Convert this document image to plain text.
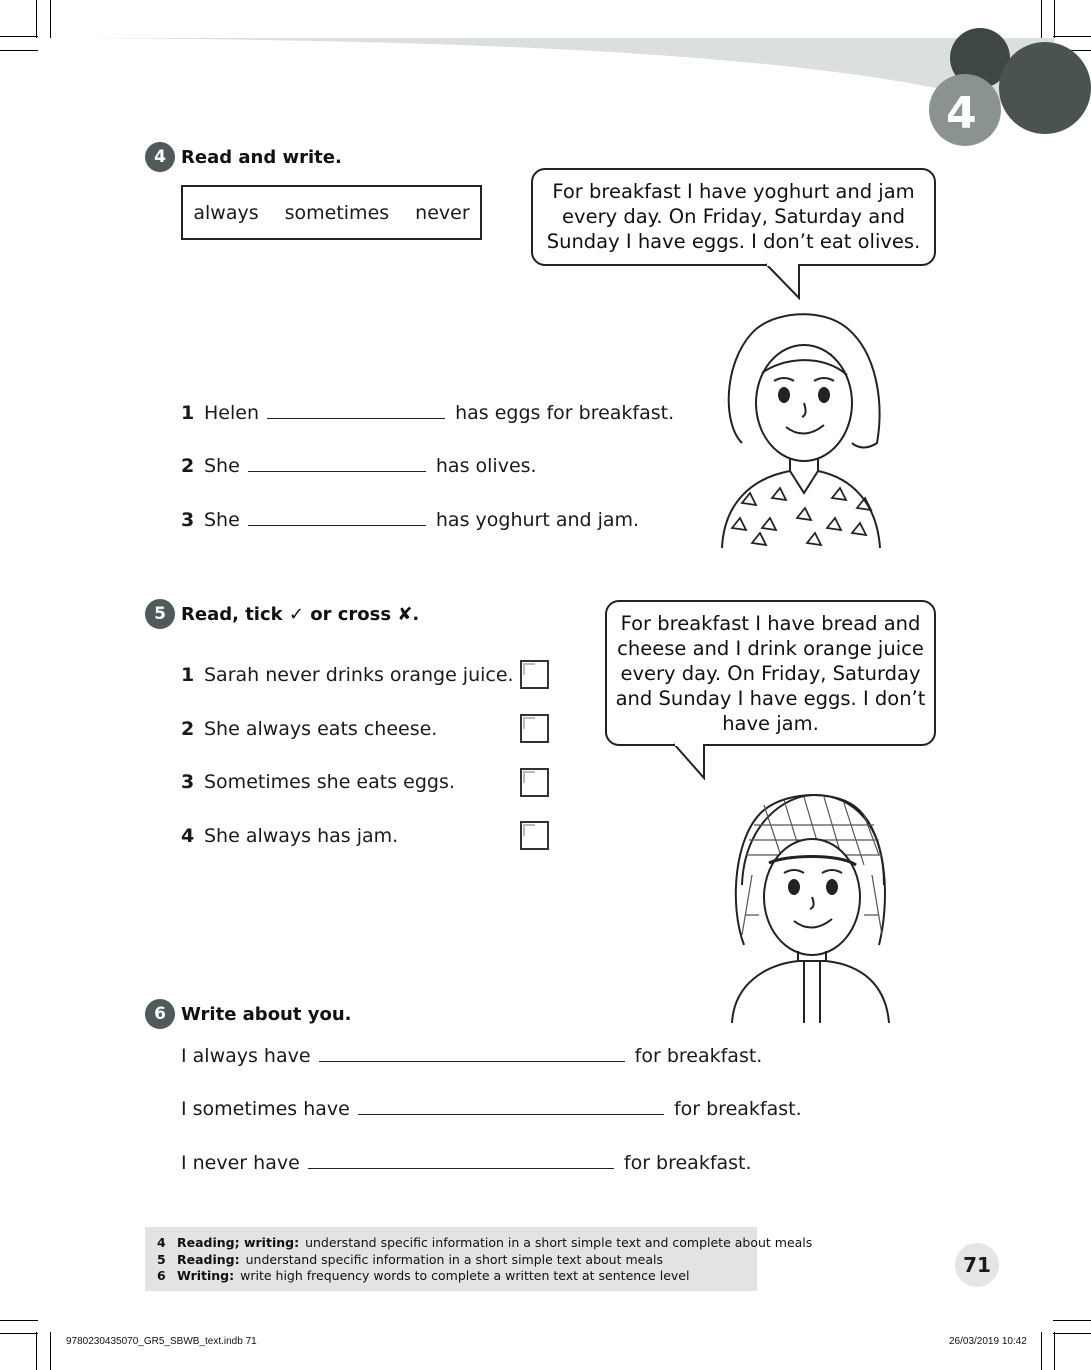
4
4 Read and write.
always sometimes never
For breakfast I have yoghurt and jam
every day. On Friday, Saturday and
Sunday I have eggs. I don’t eat olives.
1 Helen	has eggs for breakfast.
2 She	has olives.
3 She	has yoghurt and jam.
5 Read, tick ✓ or cross ✘.	For breakfast I have bread and
cheese and I drink orange juice
every day. On Friday, Saturday
and Sunday I have eggs. I don’t
have jam.
1 Sarah never drinks orange juice.
2 She always eats cheese.
3 Sometimes she eats eggs.
4 She always has jam.
6 Write about you.
I always have	for breakfast.
I sometimes have	for breakfast.
I never have	for breakfast.
4 Reading; writing: understand specific information in a short simple text and complete about meals
5 Reading: understand specific information in a short simple text about meals
6 Writing: write high frequency words to complete a written text at sentence level	71
9780230435070_GR5_SBWB_text.indb 71	26/03/2019 10:42
